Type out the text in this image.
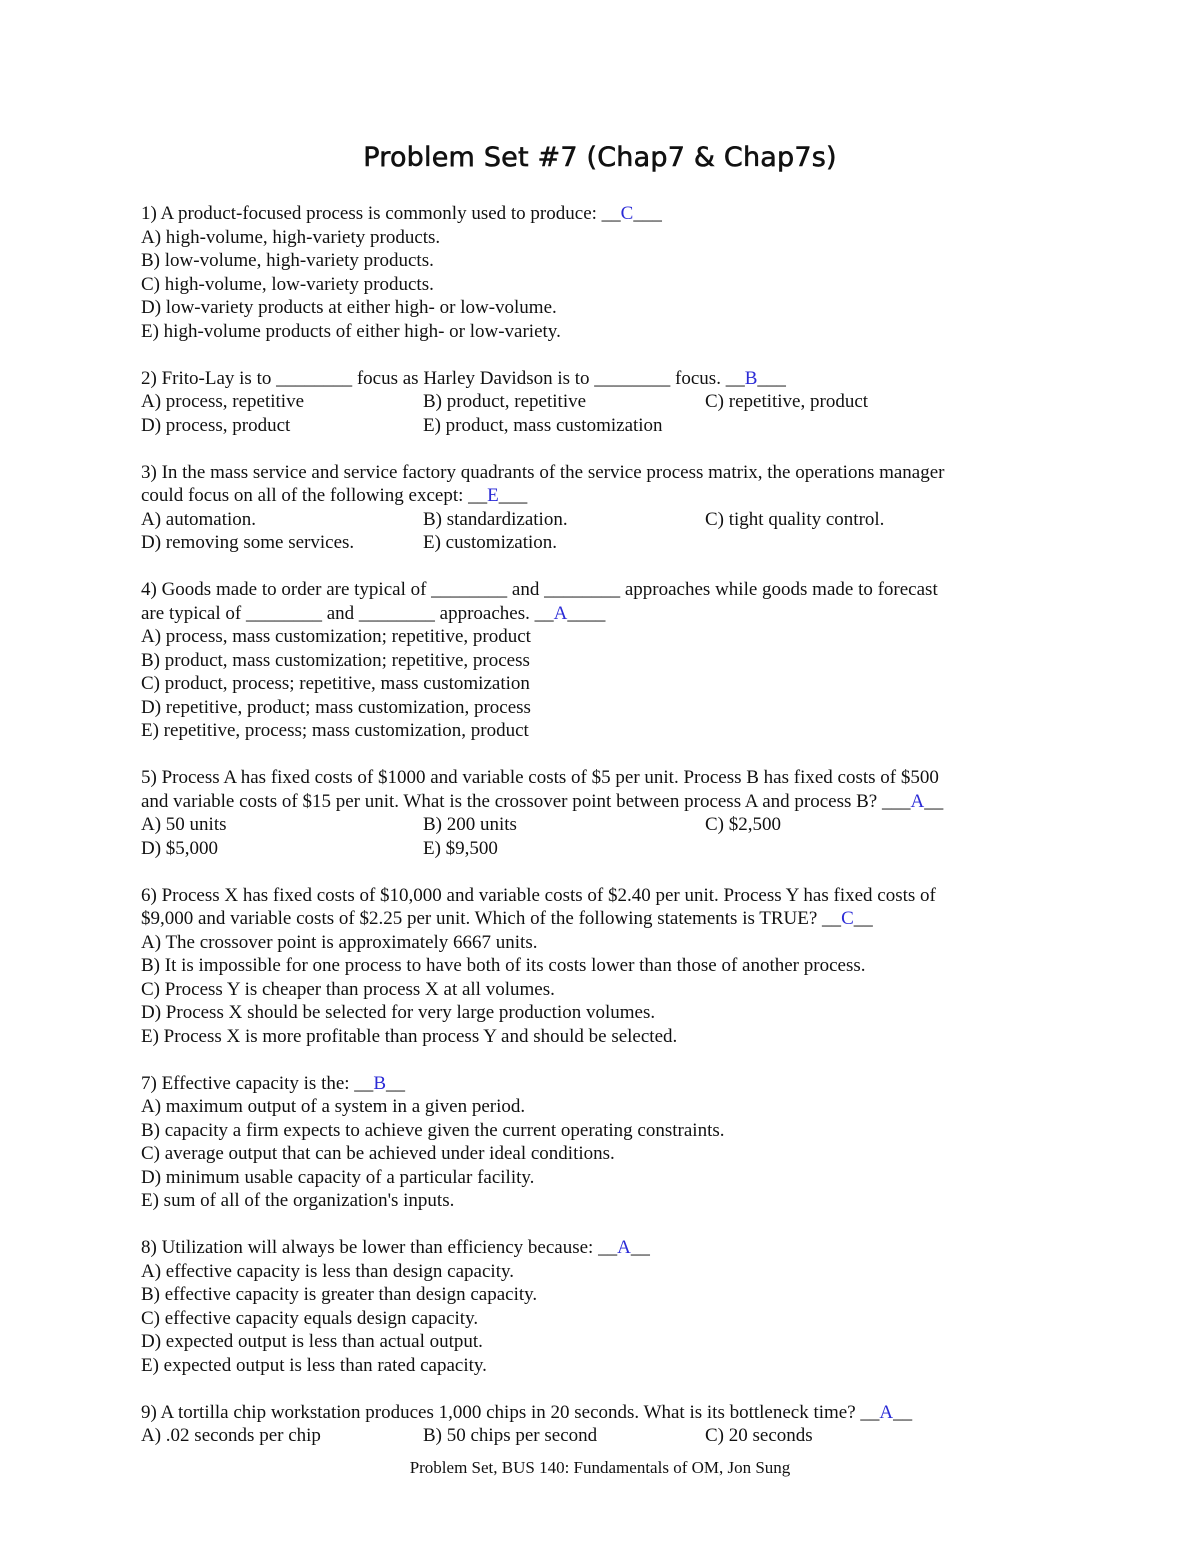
Problem Set #7 (Chap7 & Chap7s)

1) A product-focused process is commonly used to produce: __C___

A) high-volume, high-variety products.

B) low-volume, high-variety products.

C) high-volume, low-variety products.

D) low-variety products at either high- or low-volume.

E) high-volume products of either high- or low-variety.

2) Frito-Lay is to ________ focus as Harley Davidson is to ________ focus. __B___

A) process, repetitive	B) product, repetitive	C) repetitive, product
D) process, product	E) product, mass customization

3) In the mass service and service factory quadrants of the service process matrix, the operations manager

could focus on all of the following except: __E___

A) automation.	B) standardization.	C) tight quality control.
D) removing some services.	E) customization.

4) Goods made to order are typical of ________ and ________ approaches while goods made to forecast

are typical of ________ and ________ approaches. __A____

A) process, mass customization; repetitive, product

B) product, mass customization; repetitive, process

C) product, process; repetitive, mass customization

D) repetitive, product; mass customization, process

E) repetitive, process; mass customization, product

5) Process A has fixed costs of $1000 and variable costs of $5 per unit. Process B has fixed costs of $500

and variable costs of $15 per unit. What is the crossover point between process A and process B? ___A__

A) 50 units	B) 200 units	C) $2,500
D) $5,000	E) $9,500

6) Process X has fixed costs of $10,000 and variable costs of $2.40 per unit. Process Y has fixed costs of

$9,000 and variable costs of $2.25 per unit. Which of the following statements is TRUE? __C__

A) The crossover point is approximately 6667 units.

B) It is impossible for one process to have both of its costs lower than those of another process.

C) Process Y is cheaper than process X at all volumes.

D) Process X should be selected for very large production volumes.

E) Process X is more profitable than process Y and should be selected.

7) Effective capacity is the: __B__

A) maximum output of a system in a given period.

B) capacity a firm expects to achieve given the current operating constraints.

C) average output that can be achieved under ideal conditions.

D) minimum usable capacity of a particular facility.

E) sum of all of the organization's inputs.

8) Utilization will always be lower than efficiency because: __A__

A) effective capacity is less than design capacity.

B) effective capacity is greater than design capacity.

C) effective capacity equals design capacity.

D) expected output is less than actual output.

E) expected output is less than rated capacity.

9) A tortilla chip workstation produces 1,000 chips in 20 seconds. What is its bottleneck time? __A__

A) .02 seconds per chip	B) 50 chips per second	C) 20 seconds
Problem Set, BUS 140: Fundamentals of OM, Jon Sung
